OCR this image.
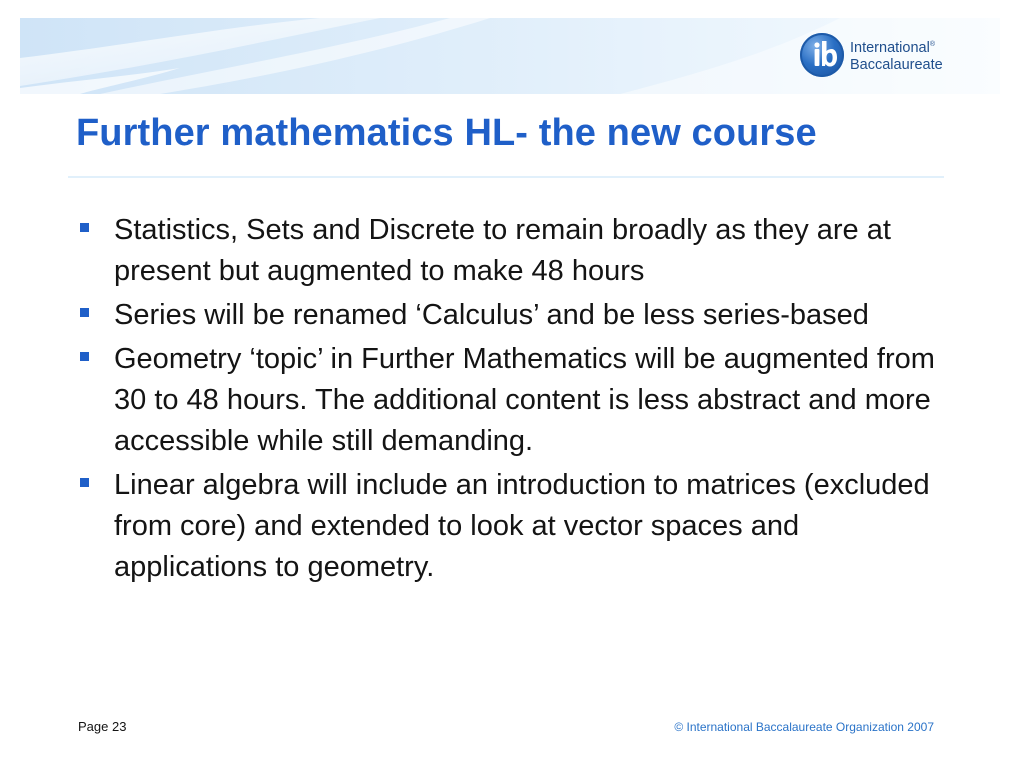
International®
Baccalaureate
Further mathematics HL- the new course
Statistics, Sets and Discrete to remain broadly as they are at present but augmented to make 48 hours
Series will be renamed ‘Calculus’ and be less series-based
Geometry ‘topic’ in Further Mathematics will be augmented from 30 to 48 hours. The additional content is less abstract and more accessible while still demanding.
Linear algebra will include an introduction to matrices (excluded from core) and extended to look at vector spaces and applications to geometry.
Page 23	© International Baccalaureate Organization 2007
